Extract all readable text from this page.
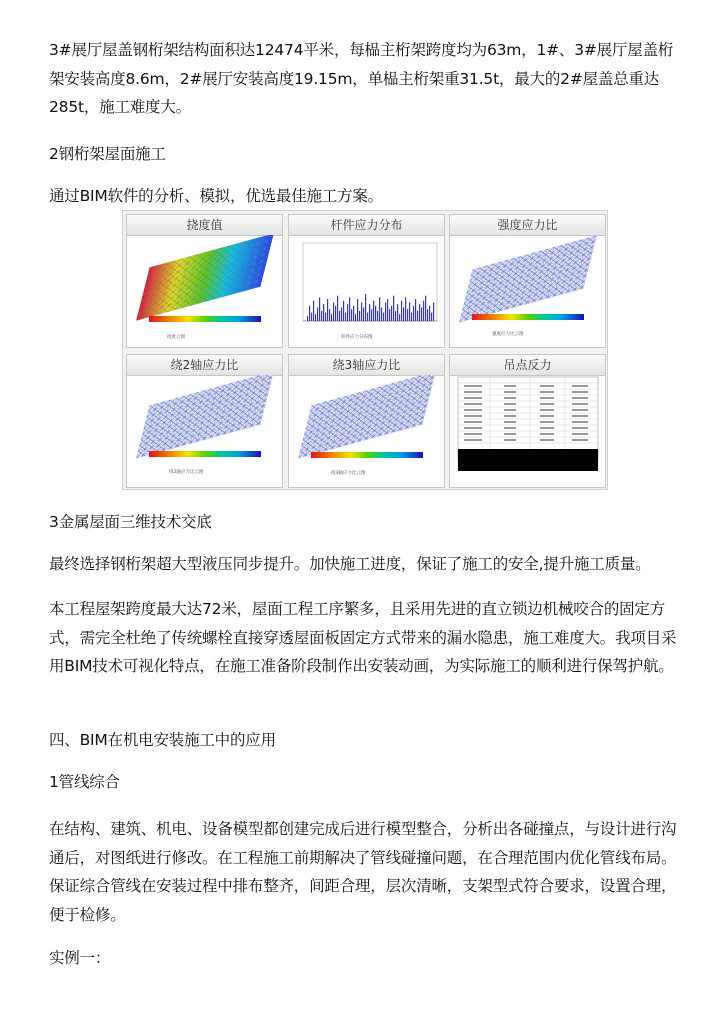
3#展厅屋盖钢桁架结构面积达12474平米，每榀主桁架跨度均为63m，1#、3#展厅屋盖桁架安装高度8.6m，2#展厅安装高度19.15m，单榀主桁架重31.5t，最大的2#屋盖总重达285t，施工难度大。

2钢桁架屋面施工

通过BIM软件的分析、模拟，优选最佳施工方案。

挠度值
挠度云图
杆件应力分布
杆件应力分布图
强度应力比
强度应力比云图
绕2轴应力比
绕2轴应力比云图
绕3轴应力比
绕3轴应力比云图
吊点反力

3金属屋面三维技术交底

最终选择钢桁架超大型液压同步提升。加快施工进度，保证了施工的安全,提升施工质量。

本工程屋架跨度最大达72米，屋面工程工序繁多，且采用先进的直立锁边机械咬合的固定方式，需完全杜绝了传统螺栓直接穿透屋面板固定方式带来的漏水隐患，施工难度大。我项目采用BIM技术可视化特点，在施工准备阶段制作出安装动画，为实际施工的顺利进行保驾护航。

四、BIM在机电安装施工中的应用

1管线综合

在结构、建筑、机电、设备模型都创建完成后进行模型整合，分析出各碰撞点，与设计进行沟通后，对图纸进行修改。在工程施工前期解决了管线碰撞问题，在合理范围内优化管线布局。保证综合管线在安装过程中排布整齐，间距合理，层次清晰，支架型式符合要求，设置合理，便于检修。

实例一：
